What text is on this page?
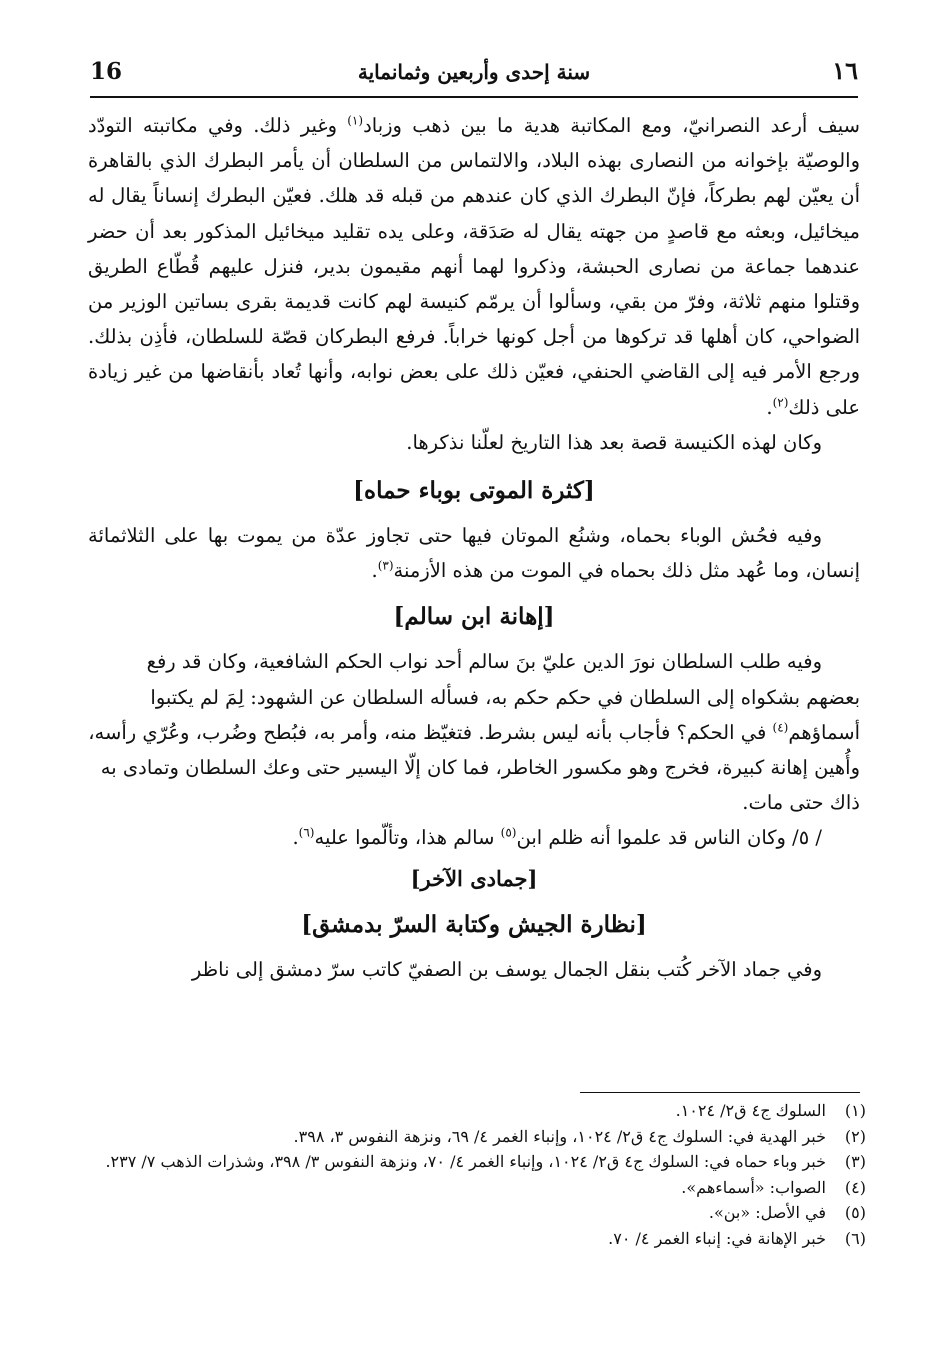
16	سنة إحدى وأربعين وثمانماية	١٦

سيف أرعد النصرانيّ، ومع المكاتبة هدية ما بين ذهب وزباد$^{(١)}$ وغير ذلك. وفي مكاتبته التودّد والوصيّة بإخوانه من النصارى بهذه البلاد، والالتماس من السلطان أن يأمر البطرك الذي بالقاهرة أن يعيّن لهم بطركاً، فإنّ البطرك الذي كان عندهم من قبله قد هلك. فعيّن البطرك إنساناً يقال له ميخائيل، وبعثه مع قاصدٍ من جهته يقال له صَدَقة، وعلى يده تقليد ميخائيل المذكور بعد أن حضر عندهما جماعة من نصارى الحبشة، وذكروا لهما أنهم مقيمون بدير، فنزل عليهم قُطّاع الطريق وقتلوا منهم ثلاثة، وفرّ من بقي، وسألوا أن يرمّم كنيسة لهم كانت قديمة بقرى بساتين الوزير من الضواحي، كان أهلها قد تركوها من أجل كونها خراباً. فرفع البطركان قصّة للسلطان، فأذِن بذلك. ورجع الأمر فيه إلى القاضي الحنفي، فعيّن ذلك على بعض نوابه، وأنها تُعاد بأنقاضها من غير زيادة على ذلك$^{(٢)}$.

وكان لهذه الكنيسة قصة بعد هذا التاريخ لعلّنا نذكرها.

[كثرة الموتى بوباء حماه]

وفيه فحُش الوباء بحماه، وشنُع الموتان فيها حتى تجاوز عدّة من يموت بها على الثلاثمائة إنسان، وما عُهد مثل ذلك بحماه في الموت من هذه الأزمنة$^{(٣)}$.

[إهانة ابن سالم]

وفيه طلب السلطان نورَ الدين عليّ بنَ سالم أحد نواب الحكم الشافعية، وكان قد رفع بعضهم بشكواه إلى السلطان في حكم حكم به، فسأله السلطان عن الشهود: لِمَ لم يكتبوا أسماؤهم$^{(٤)}$ في الحكم؟ فأجاب بأنه ليس بشرط. فتغيّظ منه، وأمر به، فبُطح وضُرب، وعُرّي رأسه، وأُهين إهانة كبيرة، فخرج وهو مكسور الخاطر، فما كان إلّا اليسير حتى وعك السلطان وتمادى به ذاك حتى مات.

/ ٥/ وكان الناس قد علموا أنه ظلم ابن$^{(٥)}$ سالم هذا، وتألّموا عليه$^{(٦)}$.

[جمادى الآخر]
[نظارة الجيش وكتابة السرّ بدمشق]

وفي جماد الآخر كُتب بنقل الجمال يوسف بن الصفيّ كاتب سرّ دمشق إلى ناظر

(١)
السلوك ج٤ ق٢/ ١٠٢٤.
(٢)
خبر الهدية في: السلوك ج٤ ق٢/ ١٠٢٤، وإنباء الغمر ٤/ ٦٩، ونزهة النفوس ٣، ٣٩٨.
(٣)
خبر وباء حماه في: السلوك ج٤ ق٢/ ١٠٢٤، وإنباء الغمر ٤/ ٧٠، ونزهة النفوس ٣/ ٣٩٨، وشذرات الذهب ٧/ ٢٣٧.
(٤)
الصواب: «أسماءهم».
(٥)
في الأصل: «بن».
(٦)
خبر الإهانة في: إنباء الغمر ٤/ ٧٠.
